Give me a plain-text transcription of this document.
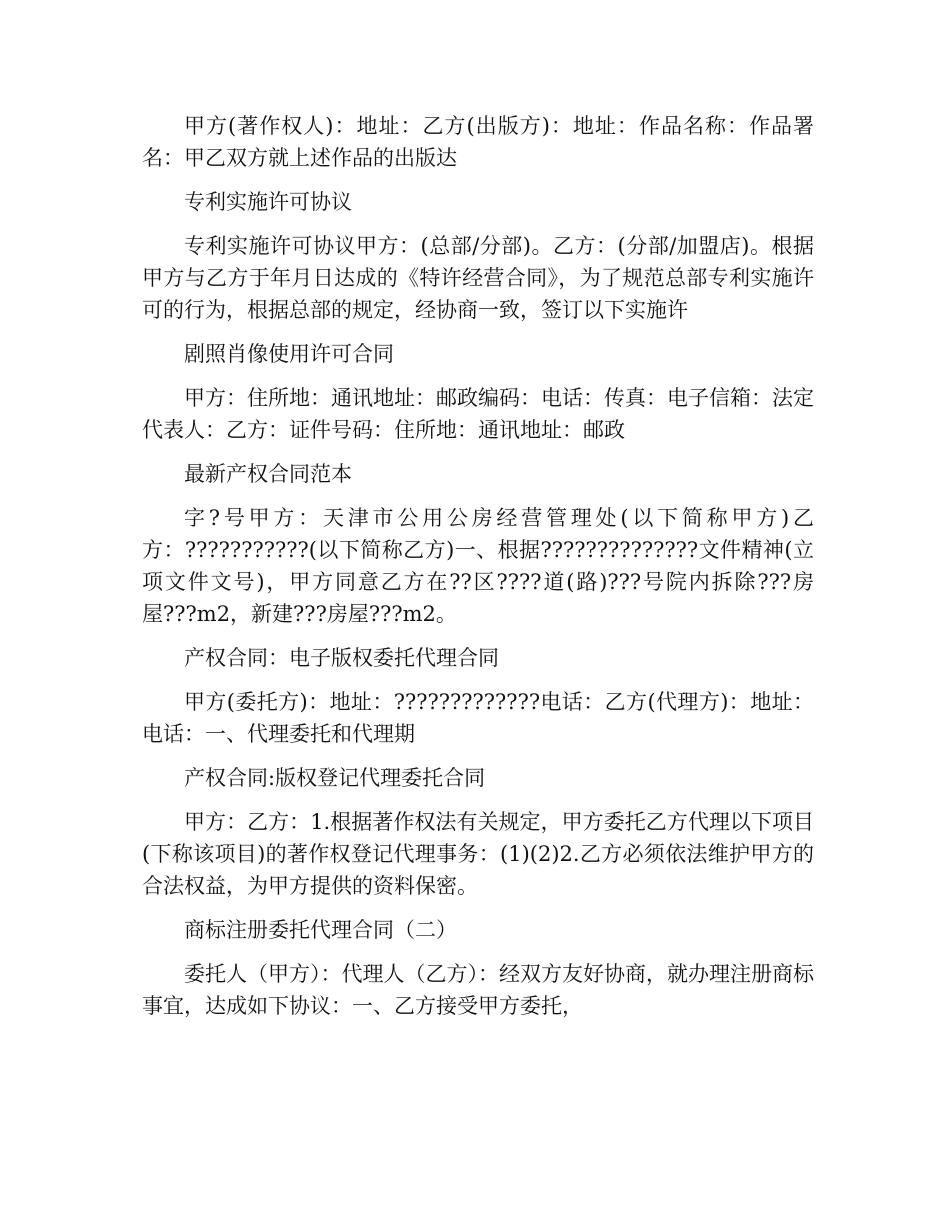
甲方(著作权人)：地址：乙方(出版方)：地址：作品名称：作品署名：甲乙双方就上述作品的出版达

专利实施许可协议

专利实施许可协议甲方：(总部/分部)。乙方：(分部/加盟店)。根据甲方与乙方于年月日达成的《特许经营合同》，为了规范总部专利实施许可的行为，根据总部的规定，经协商一致，签订以下实施许

剧照肖像使用许可合同

甲方：住所地：通讯地址：邮政编码：电话：传真：电子信箱：法定代表人：乙方：证件号码：住所地：通讯地址：邮政

最新产权合同范本

字?号甲方：天津市公用公房经营管理处(以下简称甲方)乙方：???????????(以下简称乙方)一、根据??????????????文件精神(立项文件文号)，甲方同意乙方在??区????道(路)???号院内拆除???房屋???m2，新建???房屋???m2。

产权合同：电子版权委托代理合同

甲方(委托方)：地址：?????????????电话：乙方(代理方)：地址：电话：一、代理委托和代理期

产权合同:版权登记代理委托合同

甲方：乙方：1.根据著作权法有关规定，甲方委托乙方代理以下项目(下称该项目)的著作权登记代理事务：(1)(2)2.乙方必须依法维护甲方的合法权益，为甲方提供的资料保密。

商标注册委托代理合同（二）

委托人（甲方）：代理人（乙方）：经双方友好协商，就办理注册商标事宜，达成如下协议：一、乙方接受甲方委托，
